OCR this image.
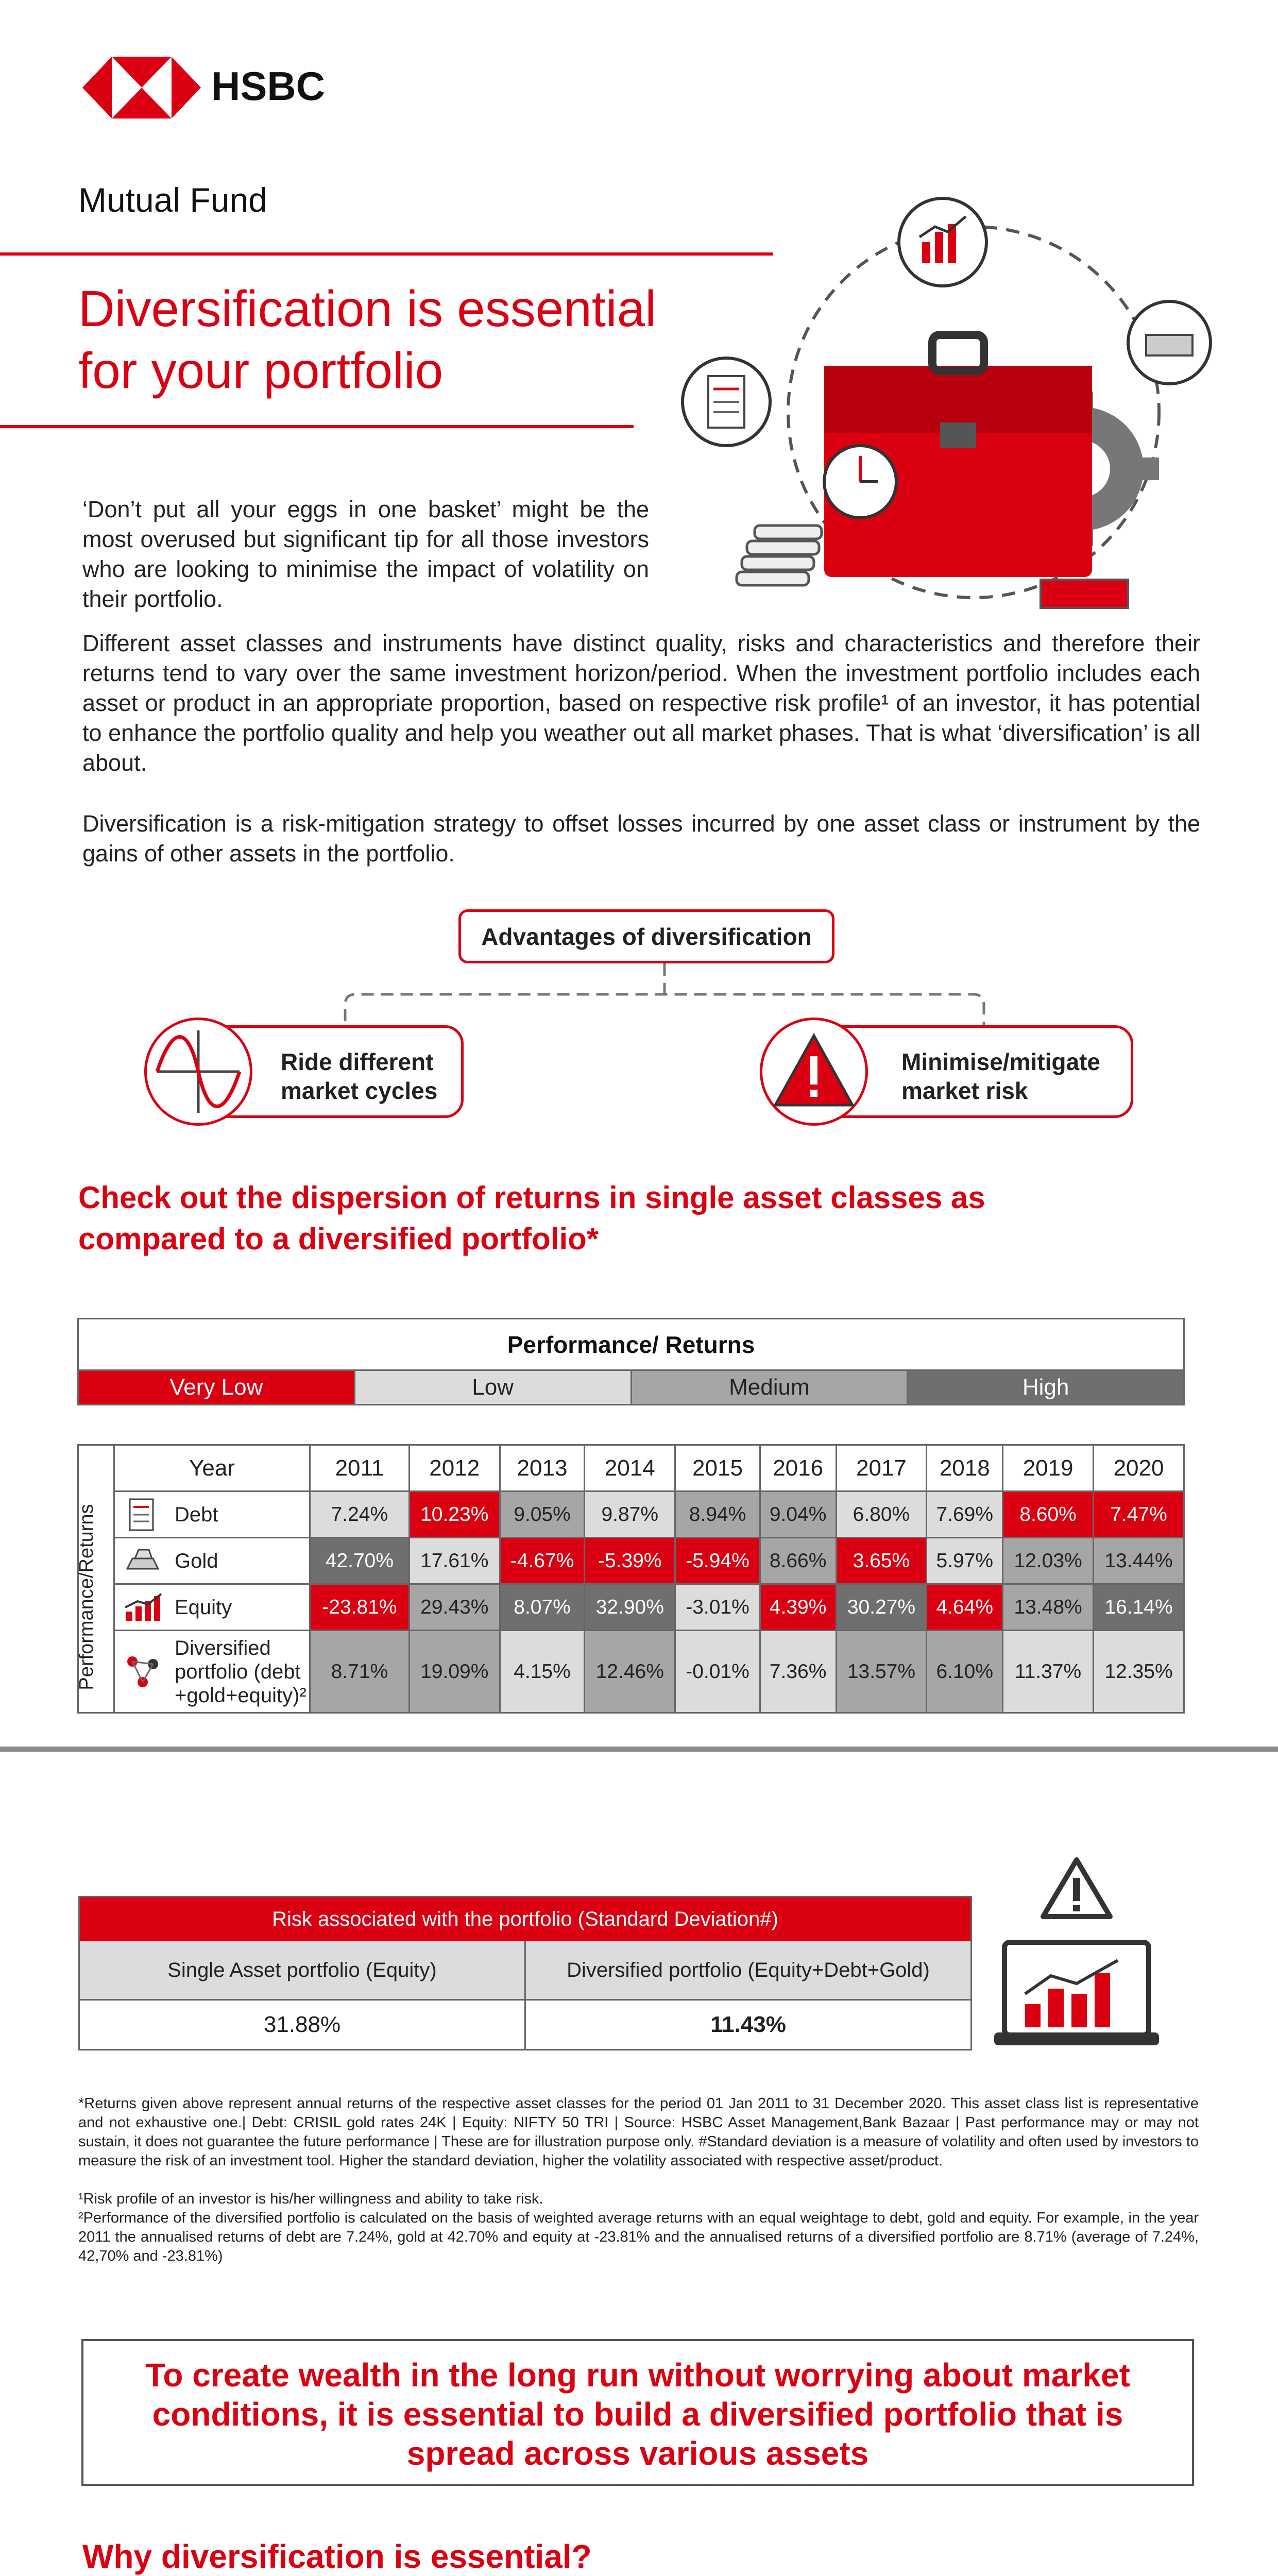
HSBC
Mutual Fund
Diversification is essential
for your portfolio
‘Don’t put all your eggs in one basket’ might be the most overused but significant tip for all those investors who are looking to minimise the impact of volatility on their portfolio.
Different asset classes and instruments have distinct quality, risks and characteristics and therefore their returns tend to vary over the same investment horizon/period. When the investment portfolio includes each asset or product in an appropriate proportion, based on respective risk profile¹ of an investor, it has potential to enhance the portfolio quality and help you weather out all market phases. That is what ‘diversification’ is all about.
Diversification is a risk-mitigation strategy to offset losses incurred by one asset class or instrument by the gains of other assets in the portfolio.
Advantages of diversification
Ride different market cycles
Minimise/mitigate market risk
Check out the dispersion of returns in single asset classes as
compared to a diversified portfolio*
Performance/ Returns
Very Low	Low	Medium	High
	Year	2011	2012	2013	2014	2015	2016	2017	2018	2019	2020

	Debt	7.24%	10.23%	9.05%	9.87%	8.94%	9.04%	6.80%	7.69%	8.60%	7.47%

	Gold	42.70%	17.61%	-4.67%	-5.39%	-5.94%	8.66%	3.65%	5.97%	12.03%	13.44%

	Equity	-23.81%	29.43%	8.07%	32.90%	-3.01%	4.39%	30.27%	4.64%	13.48%	16.14%

	Diversified portfolio (debt +gold+equity)²	8.71%	19.09%	4.15%	12.46%	-0.01%	7.36%	13.57%	6.10%	11.37%	12.35%
Performance/Returns
Risk associated with the portfolio (Standard Deviation#)
Single Asset portfolio (Equity)	Diversified portfolio (Equity+Debt+Gold)
31.88%	11.43%
*Returns given above represent annual returns of the respective asset classes for the period 01 Jan 2011 to 31 December 2020. This asset class list is representative and not exhaustive one.| Debt: CRISIL gold rates 24K | Equity: NIFTY 50 TRI | Source: HSBC Asset Management,Bank Bazaar | Past performance may or may not sustain, it does not guarantee the future performance | These are for illustration purpose only. #Standard deviation is a measure of volatility and often used by investors to measure the risk of an investment tool. Higher the standard deviation, higher the volatility associated with respective asset/product.
¹Risk profile of an investor is his/her willingness and ability to take risk.
²Performance of the diversified portfolio is calculated on the basis of weighted average returns with an equal weightage to debt, gold and equity. For example, in the year 2011 the annualised returns of debt are 7.24%, gold at 42.70% and equity at -23.81% and the annualised returns of a diversified portfolio are 8.71% (average of 7.24%, 42,70% and -23.81%)
To create wealth in the long run without worrying about market conditions, it is essential to build a diversified portfolio that is spread across various assets
Why diversification is essential?
